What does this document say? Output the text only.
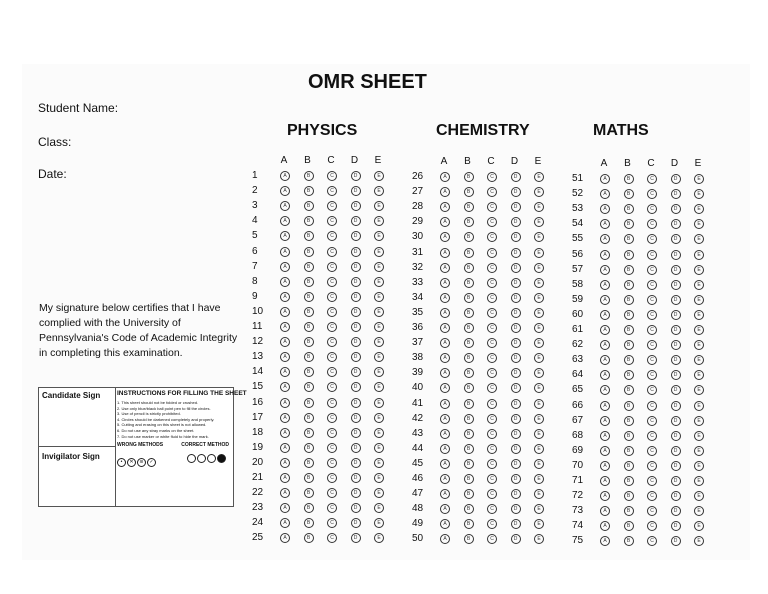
OMR SHEET
Student Name:
Class:
Date:
My signature below certifies that I have complied with the University of Pennsylvania's Code of Academic Integrity in completing this examination.
Candidate Sign
Invigilator Sign
INSTRUCTIONS FOR FILLING THE SHEET
1. This sheet should not be folded or crushed.
2. Use only blue/black ball point pen to fill the circles.
3. Use of pencil is strictly prohibited.
4. Circles should be darkened completely and properly.
5. Cutting and erasing on this sheet is not allowed.
6. Do not use any stray marks on the sheet.
7. Do not use marker or white fluid to hide the mark.
WRONG METHODS	CORRECT METHOD
• ✕ ≋ ✓
PHYSICS	CHEMISTRY	MATHS
A	B	C	D	E
1	A	B	C	D	E
2	A	B	C	D	E
3	A	B	C	D	E
4	A	B	C	D	E
5	A	B	C	D	E
6	A	B	C	D	E
7	A	B	C	D	E
8	A	B	C	D	E
9	A	B	C	D	E
10	A	B	C	D	E
11	A	B	C	D	E
12	A	B	C	D	E
13	A	B	C	D	E
14	A	B	C	D	E
15	A	B	C	D	E
16	A	B	C	D	E
17	A	B	C	D	E
18	A	B	C	D	E
19	A	B	C	D	E
20	A	B	C	D	E
21	A	B	C	D	E
22	A	B	C	D	E
23	A	B	C	D	E
24	A	B	C	D	E
25	A	B	C	D	E
A	B	C	D	E
26	A	B	C	D	E
27	A	B	C	D	E
28	A	B	C	D	E
29	A	B	C	D	E
30	A	B	C	D	E
31	A	B	C	D	E
32	A	B	C	D	E
33	A	B	C	D	E
34	A	B	C	D	E
35	A	B	C	D	E
36	A	B	C	D	E
37	A	B	C	D	E
38	A	B	C	D	E
39	A	B	C	D	E
40	A	B	C	D	E
41	A	B	C	D	E
42	A	B	C	D	E
43	A	B	C	D	E
44	A	B	C	D	E
45	A	B	C	D	E
46	A	B	C	D	E
47	A	B	C	D	E
48	A	B	C	D	E
49	A	B	C	D	E
50	A	B	C	D	E
A	B	C	D	E
51	A	B	C	D	E
52	A	B	C	D	E
53	A	B	C	D	E
54	A	B	C	D	E
55	A	B	C	D	E
56	A	B	C	D	E
57	A	B	C	D	E
58	A	B	C	D	E
59	A	B	C	D	E
60	A	B	C	D	E
61	A	B	C	D	E
62	A	B	C	D	E
63	A	B	C	D	E
64	A	B	C	D	E
65	A	B	C	D	E
66	A	B	C	D	E
67	A	B	C	D	E
68	A	B	C	D	E
69	A	B	C	D	E
70	A	B	C	D	E
71	A	B	C	D	E
72	A	B	C	D	E
73	A	B	C	D	E
74	A	B	C	D	E
75	A	B	C	D	E
